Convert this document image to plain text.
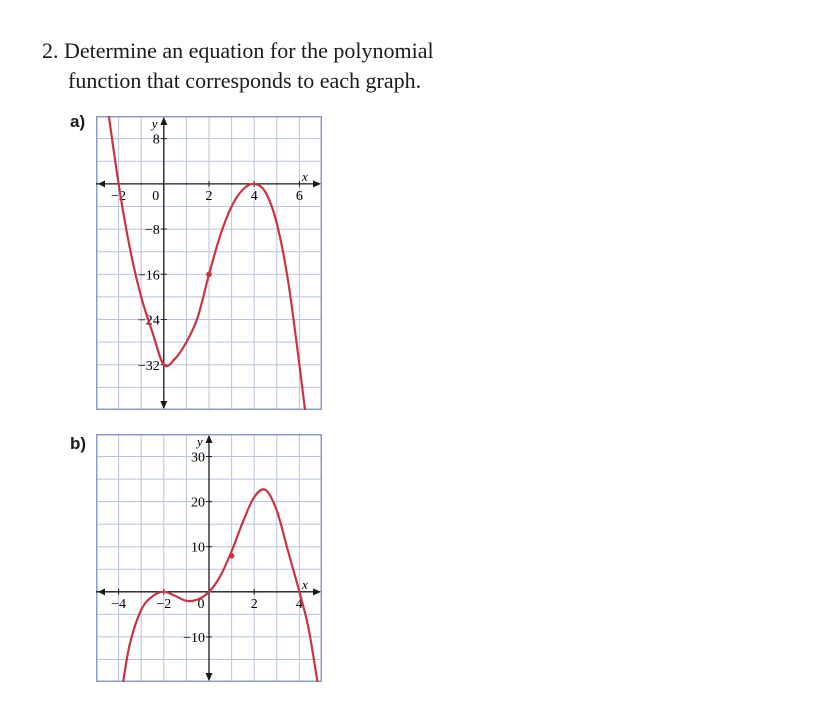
2. Determine an equation for the polynomial
function that corresponds to each graph.
a)
b)
x
y
−2 0	2	4	6
8
−8
−16
−24
−32
x
y
−4 −2 0	2	4
30
20
10
−10
